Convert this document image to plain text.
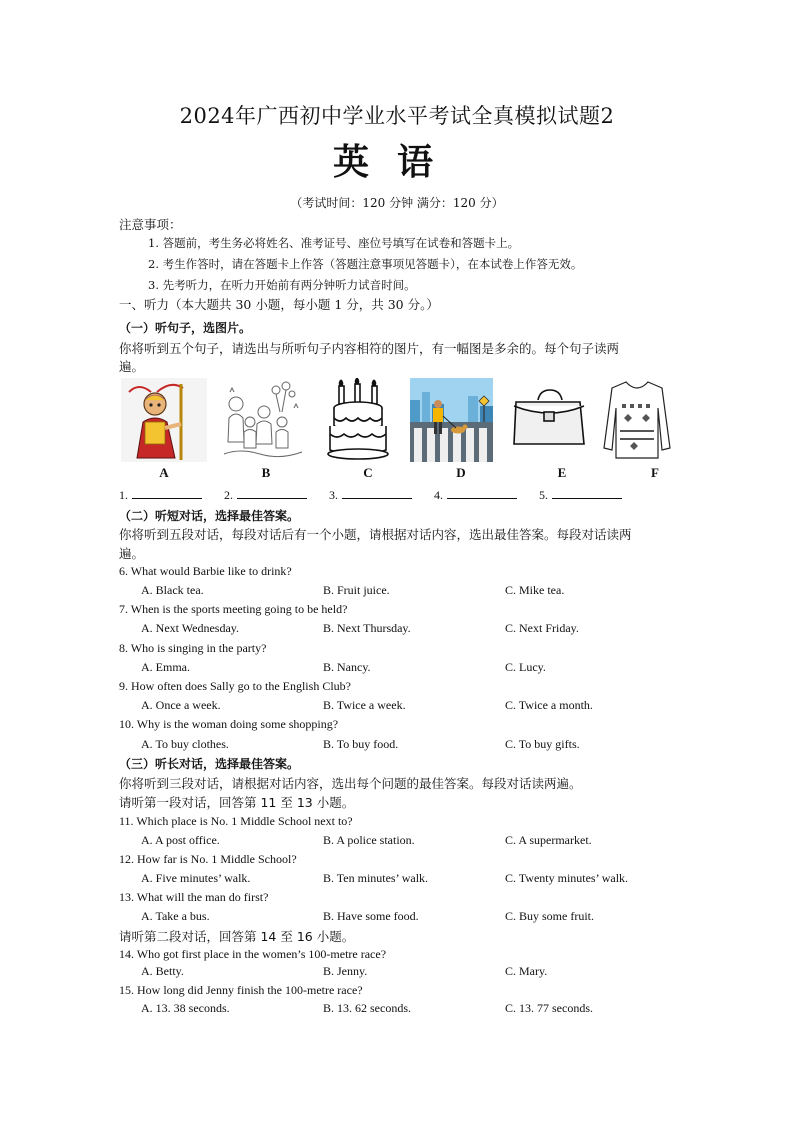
2024年广西初中学业水平考试全真模拟试题2
英语
（考试时间：120 分钟 满分：120 分）
注意事项：
1. 答题前，考生务必将姓名、准考证号、座位号填写在试卷和答题卡上。
2. 考生作答时，请在答题卡上作答（答题注意事项见答题卡），在本试卷上作答无效。
3. 先考听力，在听力开始前有两分钟听力试音时间。
一、听力（本大题共 30 小题，每小题 1 分，共 30 分。）
（一）听句子，选图片。
你将听到五个句子，请选出与所听句子内容相符的图片，有一幅图是多余的。每个句子读两
遍。
A	B	C	D	E	F
1.	2.	3.	4.	5.
（二）听短对话，选择最佳答案。
你将听到五段对话，每段对话后有一个小题，请根据对话内容，选出最佳答案。每段对话读两
遍。
6. What would Barbie like to drink?
A. Black tea.	B. Fruit juice.	C. Mike tea.
7. When is the sports meeting going to be held?
A. Next Wednesday.	B. Next Thursday.	C. Next Friday.
8. Who is singing in the party?
A. Emma.	B. Nancy.	C. Lucy.
9. How often does Sally go to the English Club?
A. Once a week.	B. Twice a week.	C. Twice a month.
10. Why is the woman doing some shopping?
A. To buy clothes.	B. To buy food.	C. To buy gifts.
（三）听长对话，选择最佳答案。
你将听到三段对话，请根据对话内容，选出每个问题的最佳答案。每段对话读两遍。
请听第一段对话，回答第 11 至 13 小题。
11. Which place is No. 1 Middle School next to?
A. A post office.	B. A police station.	C. A supermarket.
12. How far is No. 1 Middle School?
A. Five minutes’ walk.	B. Ten minutes’ walk.	C. Twenty minutes’ walk.
13. What will the man do first?
A. Take a bus.	B. Have some food.	C. Buy some fruit.
请听第二段对话，回答第 14 至 16 小题。
14. Who got first place in the women’s 100-metre race?
A. Betty.	B. Jenny.	C. Mary.
15. How long did Jenny finish the 100-metre race?
A. 13. 38 seconds.	B. 13. 62 seconds.	C. 13. 77 seconds.
